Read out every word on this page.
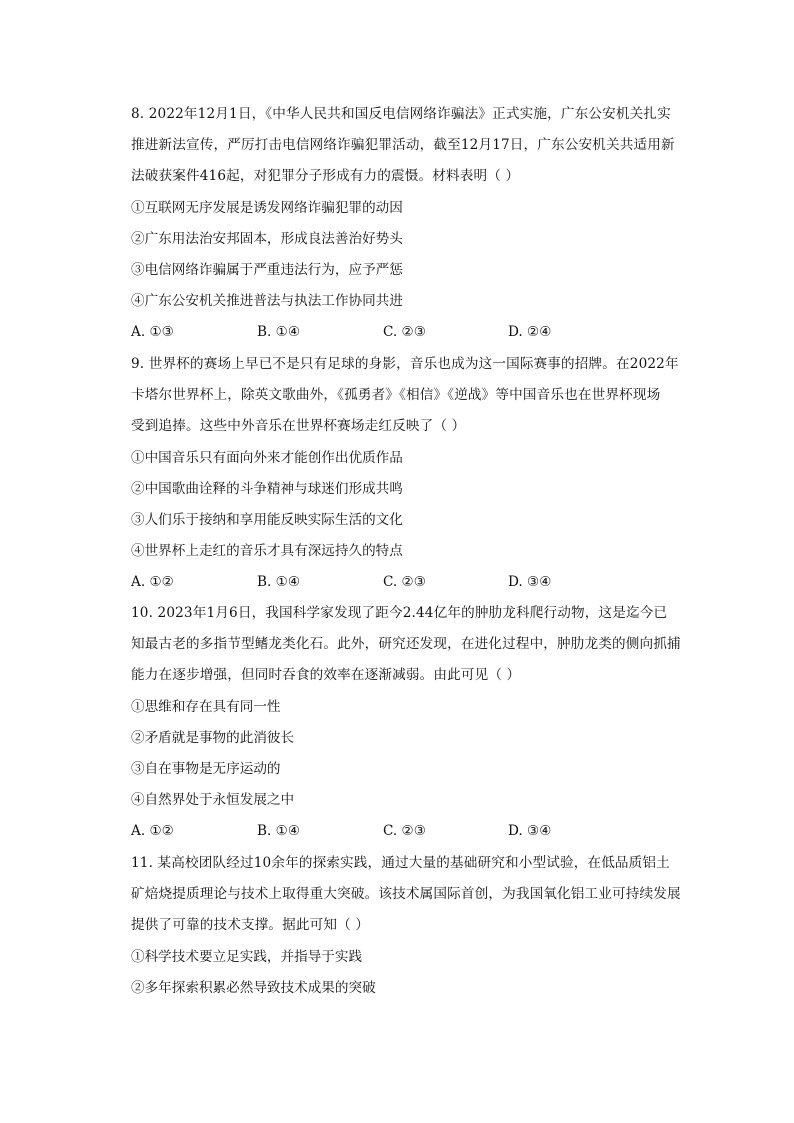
8. 2022年12月1日，《中华人民共和国反电信网络诈骗法》正式实施，广东公安机关扎实
推进新法宣传，严厉打击电信网络诈骗犯罪活动，截至12月17日，广东公安机关共适用新
法破获案件416起，对犯罪分子形成有力的震慑。材料表明（ ）
①互联网无序发展是诱发网络诈骗犯罪的动因
②广东用法治安邦固本，形成良法善治好势头
③电信网络诈骗属于严重违法行为，应予严惩
④广东公安机关推进普法与执法工作协同共进
A. ①③	B. ①④	C. ②③	D. ②④
9. 世界杯的赛场上早已不是只有足球的身影，音乐也成为这一国际赛事的招牌。在2022年
卡塔尔世界杯上，除英文歌曲外，《孤勇者》《相信》《逆战》等中国音乐也在世界杯现场
受到追捧。这些中外音乐在世界杯赛场走红反映了（ ）
①中国音乐只有面向外来才能创作出优质作品
②中国歌曲诠释的斗争精神与球迷们形成共鸣
③人们乐于接纳和享用能反映实际生活的文化
④世界杯上走红的音乐才具有深远持久的特点
A. ①②	B. ①④	C. ②③	D. ③④
10. 2023年1月6日，我国科学家发现了距今2.44亿年的肿肋龙科爬行动物，这是迄今已
知最古老的多指节型鳍龙类化石。此外，研究还发现，在进化过程中，肿肋龙类的侧向抓捕
能力在逐步增强，但同时吞食的效率在逐渐减弱。由此可见（ ）
①思维和存在具有同一性
②矛盾就是事物的此消彼长
③自在事物是无序运动的
④自然界处于永恒发展之中
A. ①②	B. ①④	C. ②③	D. ③④
11. 某高校团队经过10余年的探索实践，通过大量的基础研究和小型试验，在低品质铝土
矿焙烧提质理论与技术上取得重大突破。该技术属国际首创，为我国氧化铝工业可持续发展
提供了可靠的技术支撑。据此可知（ ）
①科学技术要立足实践，并指导于实践
②多年探索积累必然导致技术成果的突破
